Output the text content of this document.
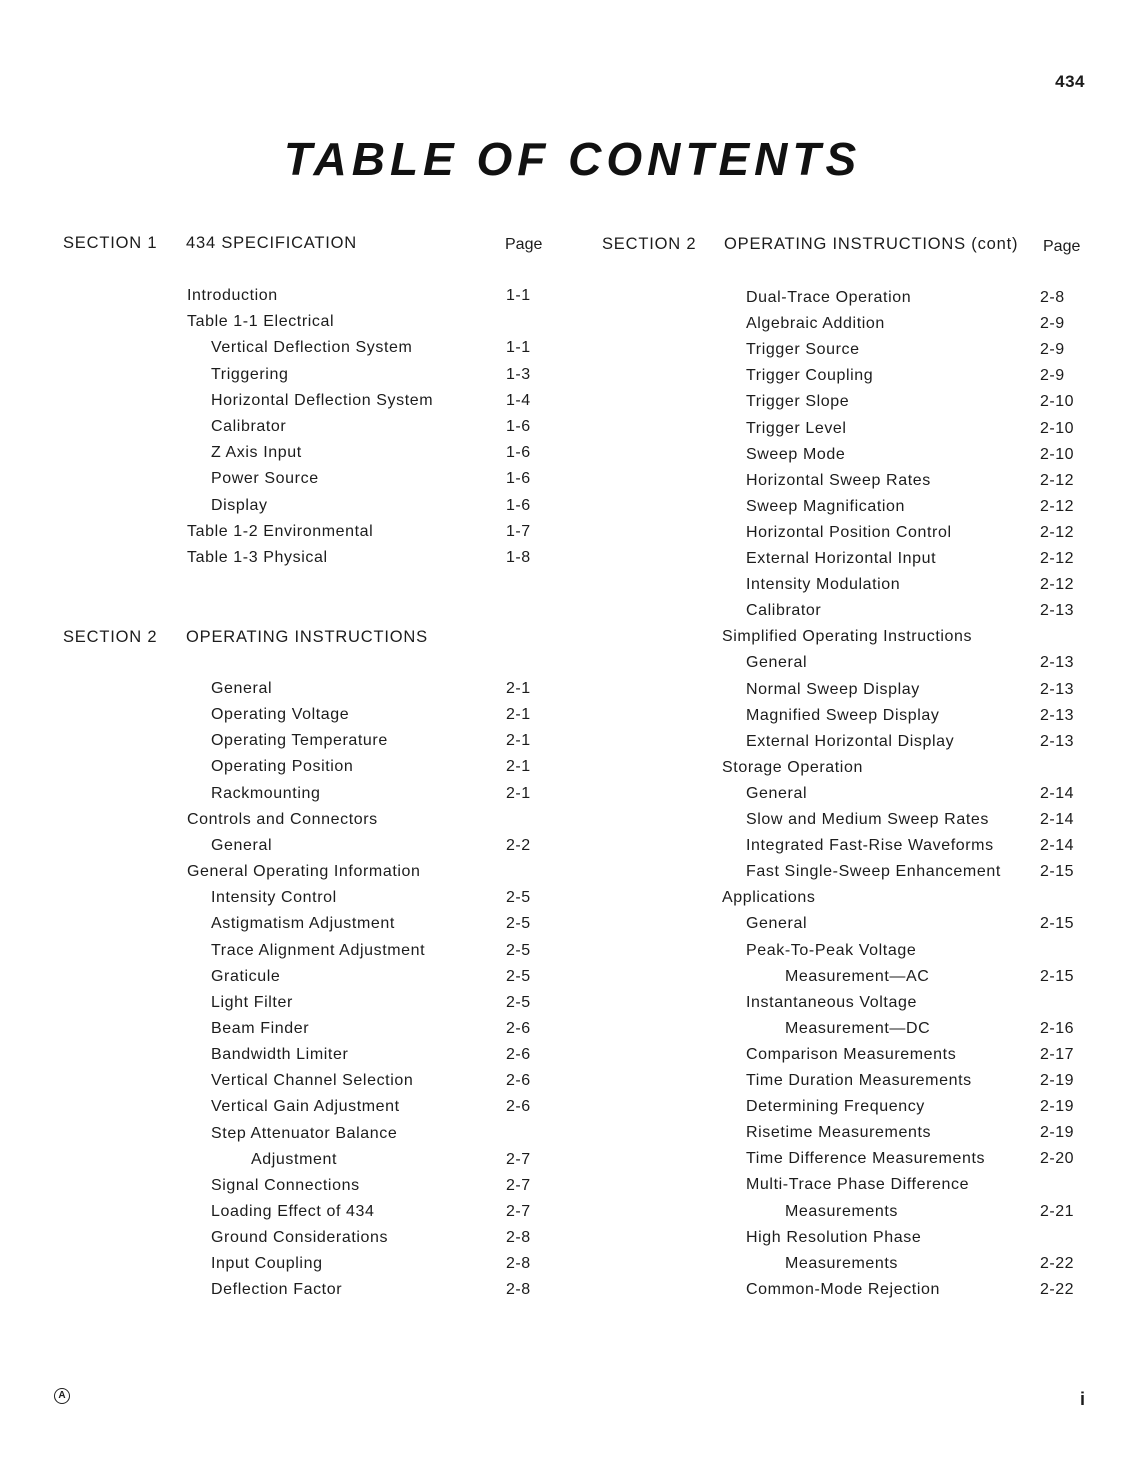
434
TABLE OF CONTENTS
SECTION 1 434 SPECIFICATION	Page
Introduction	1-1
Table 1-1 Electrical
Vertical Deflection System	1-1
Triggering	1-3
Horizontal Deflection System	1-4
Calibrator	1-6
Z Axis Input	1-6
Power Source	1-6
Display	1-6
Table 1-2 Environmental	1-7
Table 1-3 Physical	1-8
SECTION 2 OPERATING INSTRUCTIONS
General	2-1
Operating Voltage	2-1
Operating Temperature	2-1
Operating Position	2-1
Rackmounting	2-1
Controls and Connectors
General	2-2
General Operating Information
Intensity Control	2-5
Astigmatism Adjustment	2-5
Trace Alignment Adjustment	2-5
Graticule	2-5
Light Filter	2-5
Beam Finder	2-6
Bandwidth Limiter	2-6
Vertical Channel Selection	2-6
Vertical Gain Adjustment	2-6
Step Attenuator Balance
Adjustment	2-7
Signal Connections	2-7
Loading Effect of 434	2-7
Ground Considerations	2-8
Input Coupling	2-8
Deflection Factor	2-8
SECTION 2 OPERATING INSTRUCTIONS (cont) Page
Dual-Trace Operation	2-8
Algebraic Addition	2-9
Trigger Source	2-9
Trigger Coupling	2-9
Trigger Slope	2-10
Trigger Level	2-10
Sweep Mode	2-10
Horizontal Sweep Rates	2-12
Sweep Magnification	2-12
Horizontal Position Control	2-12
External Horizontal Input	2-12
Intensity Modulation	2-12
Calibrator	2-13
Simplified Operating Instructions
General	2-13
Normal Sweep Display	2-13
Magnified Sweep Display	2-13
External Horizontal Display	2-13
Storage Operation
General	2-14
Slow and Medium Sweep Rates	2-14
Integrated Fast-Rise Waveforms	2-14
Fast Single-Sweep Enhancement 2-15
Applications
General	2-15
Peak-To-Peak Voltage
Measurement—AC	2-15
Instantaneous Voltage
Measurement—DC	2-16
Comparison Measurements	2-17
Time Duration Measurements	2-19
Determining Frequency	2-19
Risetime Measurements	2-19
Time Difference Measurements	2-20
Multi-Trace Phase Difference
Measurements	2-21
High Resolution Phase
Measurements	2-22
Common-Mode Rejection	2-22
A	i
